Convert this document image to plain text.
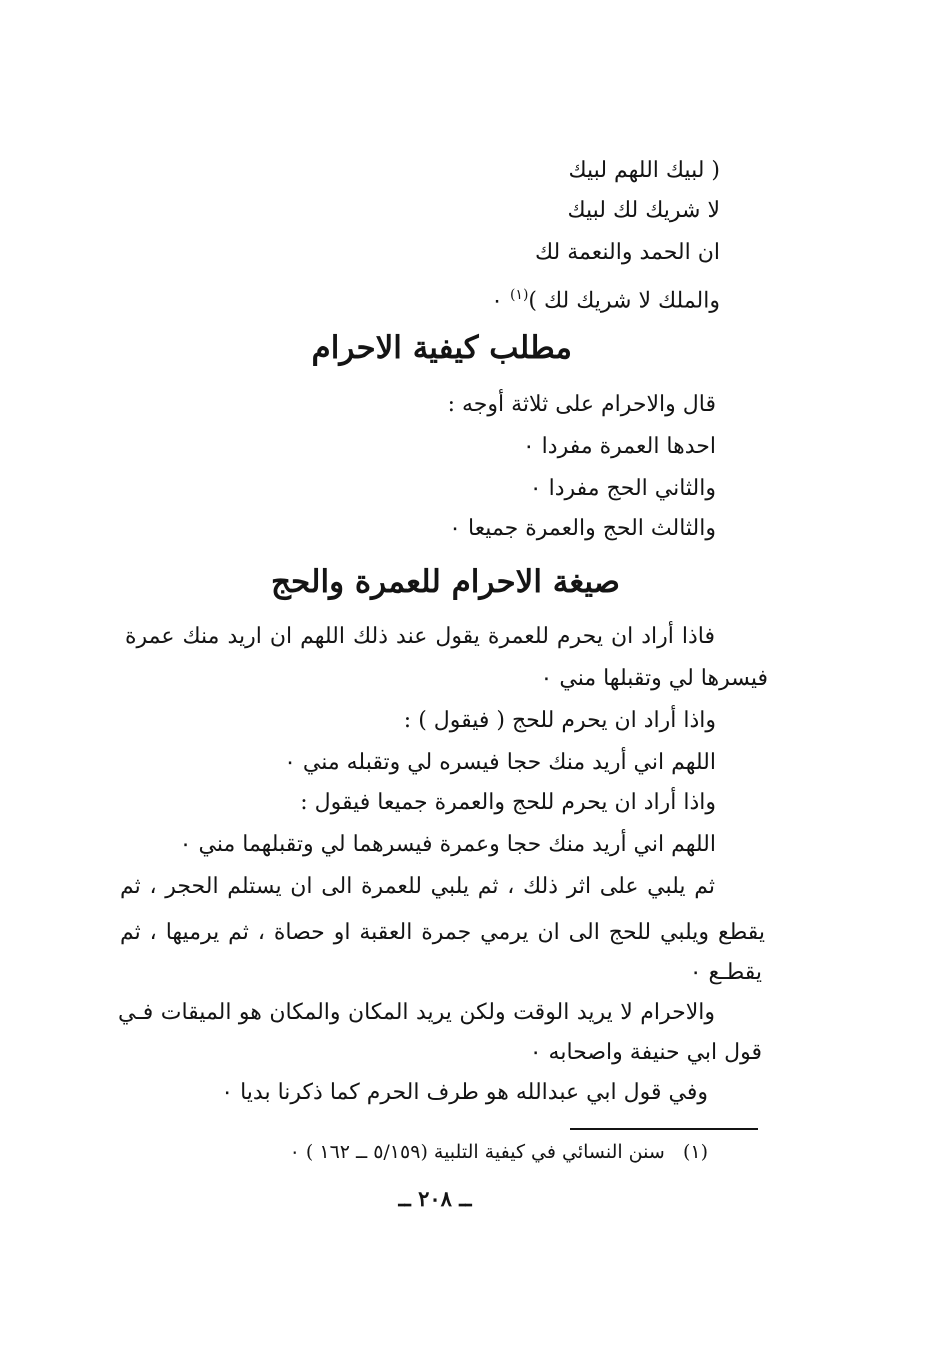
( لبيك اللهم لبيك
لا شريك لك لبيك
ان الحمد والنعمة لك
والملك لا شريك لك )$^{(١)}$ ٠
مطلب كيفية الاحرام
قال والاحرام على ثلاثة أوجه :
احدها العمرة مفردا ٠
والثاني الحج مفردا ٠
والثالث الحج والعمرة جميعا ٠
صيغة الاحرام للعمرة والحج
فاذا أراد ان يحرم للعمرة يقول عند ذلك اللهم ان اريد منك عمرة
فيسرها لي وتقبلها مني ٠
واذا أراد ان يحرم للحج ( فيقول ) :
اللهم اني أريد منك حجا فيسره لي وتقبله مني ٠
واذا أراد ان يحرم للحج والعمرة جميعا فيقول :
اللهم اني أريد منك حجا وعمرة فيسرهما لي وتقبلهما مني ٠
ثم يلبي على اثر ذلك ، ثم يلبي للعمرة الى ان يستلم الحجر ، ثم
يقطع ويلبي للحج الى ان يرمي جمرة العقبة او حصاة ، ثم يرميها ، ثم
يقطـع ٠
والاحرام لا يريد الوقت ولكن يريد المكان والمكان هو الميقات فـي
قول ابي حنيفة واصحابه ٠
وفي قول ابي عبدالله هو طرف الحرم كما ذكرنا بديا ٠
(١)   سنن النسائي في كيفية التلبية (٥/١٥٩ ــ ١٦٢ ) ٠
ــ ٢٠٨ ــ
